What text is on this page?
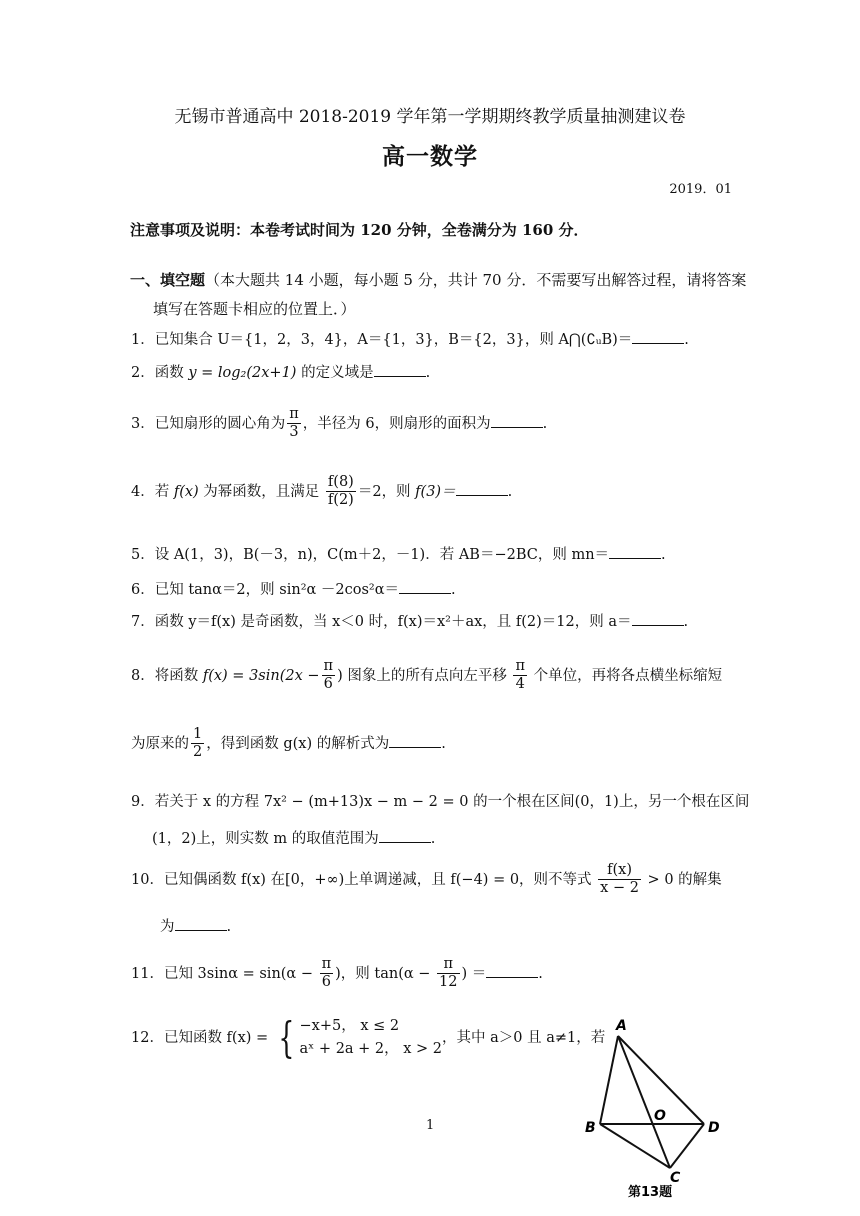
无锡市普通高中 2018-2019 学年第一学期期终教学质量抽测建议卷
高一数学
2019．01
注意事项及说明：本卷考试时间为 120 分钟，全卷满分为 160 分．
一、填空题（本大题共 14 小题，每小题 5 分，共计 70 分．不需要写出解答过程，请将答案
填写在答题卡相应的位置上．）
1．已知集合 U＝{1，2，3，4}，A＝{1，3}，B＝{2，3}，则 A⋂(∁ᵤB)＝	.
2．函数 y = log₂(2x+1) 的定义域是	.
3．已知扇形的圆心角为 $\frac{\pi}{3}$ ，半径为 6，则扇形的面积为	.
4．若 f(x) 为幂函数，且满足 $\frac{f(8)}{f(2)} =2$，则 f(3)＝	.
5．设 A(1，3)，B(－3，n)，C(m＋2，－1)．若 AB＝−2BC，则 mn＝	.
6．已知 tanα＝2，则 sin²α －2cos²α＝	.
7．函数 y＝f(x) 是奇函数，当 x＜0 时，f(x)＝x²＋ax，且 f(2)＝12，则 a＝	.
8．将函数 $f(x) = 3\sin(2x - \frac{\pi}{6}$ ) 图象上的所有点向左平移 $\frac{\pi}{4}$ 个单位，再将各点横坐标缩短
为原来的 $\frac{1}{2}$ ，得到函数 g(x) 的解析式为	.
9．若关于 x 的方程 7x² − (m+13)x − m − 2 = 0 的一个根在区间(0，1)上，另一个根在区间
(1，2)上，则实数 m 的取值范围为	.
10．已知偶函数 f(x) 在[0，+∞)上单调递减，且 f(−4) = 0，则不等式 $\frac{f(x)}{x - 2} > 0$ 的解集
为	.
11．已知 $3\sin\alpha = \sin(\alpha - \frac{\pi}{6}$ )，则 $\tan(\alpha - \frac{\pi}{12}$ ) ＝	.
12．已知函数 f(x) = { −x+5， x ≤ 2
aˣ + 2a + 2， x > 2
，其中 a＞0 且 a≠1，若
1
A
B	D
O
C
第13题
